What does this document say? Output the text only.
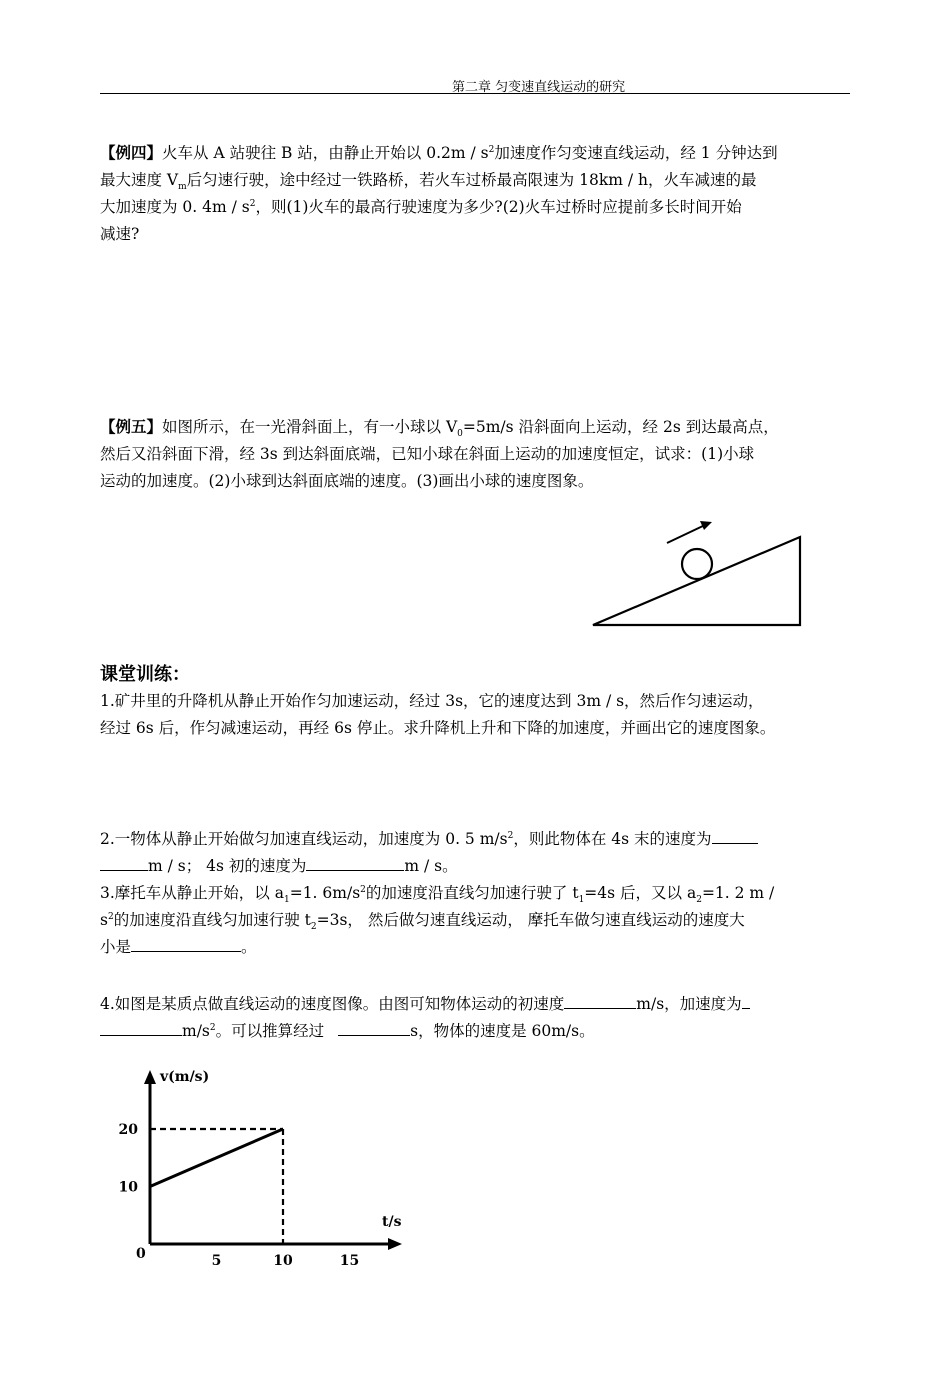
第二章 匀变速直线运动的研究
【例四】火车从 A 站驶往 B 站，由静止开始以 $0.2m / s^2$加速度作匀变速直线运动，经 1 分钟达到
最大速度 $V_m$后匀速行驶，途中经过一铁路桥，若火车过桥最高限速为 18km / h，火车减速的最
大加速度为 0. $4m / s^2$，则(1)火车的最高行驶速度为多少?(2)火车过桥时应提前多长时间开始
减速?
【例五】如图所示，在一光滑斜面上，有一小球以 $V_0=5m/s$ 沿斜面向上运动，经 2s 到达最高点，
然后又沿斜面下滑，经 3s 到达斜面底端，已知小球在斜面上运动的加速度恒定，试求：(1)小球
运动的加速度。(2)小球到达斜面底端的速度。(3)画出小球的速度图象。
课堂训练：
1.矿井里的升降机从静止开始作匀加速运动，经过 3s，它的速度达到 3m / s，然后作匀速运动，
经过 6s 后，作匀减速运动，再经 6s 停止。求升降机上升和下降的加速度，并画出它的速度图象。
2.一物体从静止开始做匀加速直线运动，加速度为 0. 5 $m/s^2$，则此物体在 4s 末的速度为
m / s； 4s 初的速度为	m / s。
3.摩托车从静止开始，以 $a_1=1$. $6m/s^2$的加速度沿直线匀加速行驶了 $t_1=4s$ 后，又以 $a_2=1$. 2 m /
$s^2$的加速度沿直线匀加速行驶 $t_2=3s$， 然后做匀速直线运动， 摩托车做匀速直线运动的速度大
小是	。
4.如图是某质点做直线运动的速度图像。由图可知物体运动的初速度	m/s，加速度为
$m/s^2$。可以推算经过	s，物体的速度是 60m/s。
v(m/s)
t/s
0	5	10	15
10
20
